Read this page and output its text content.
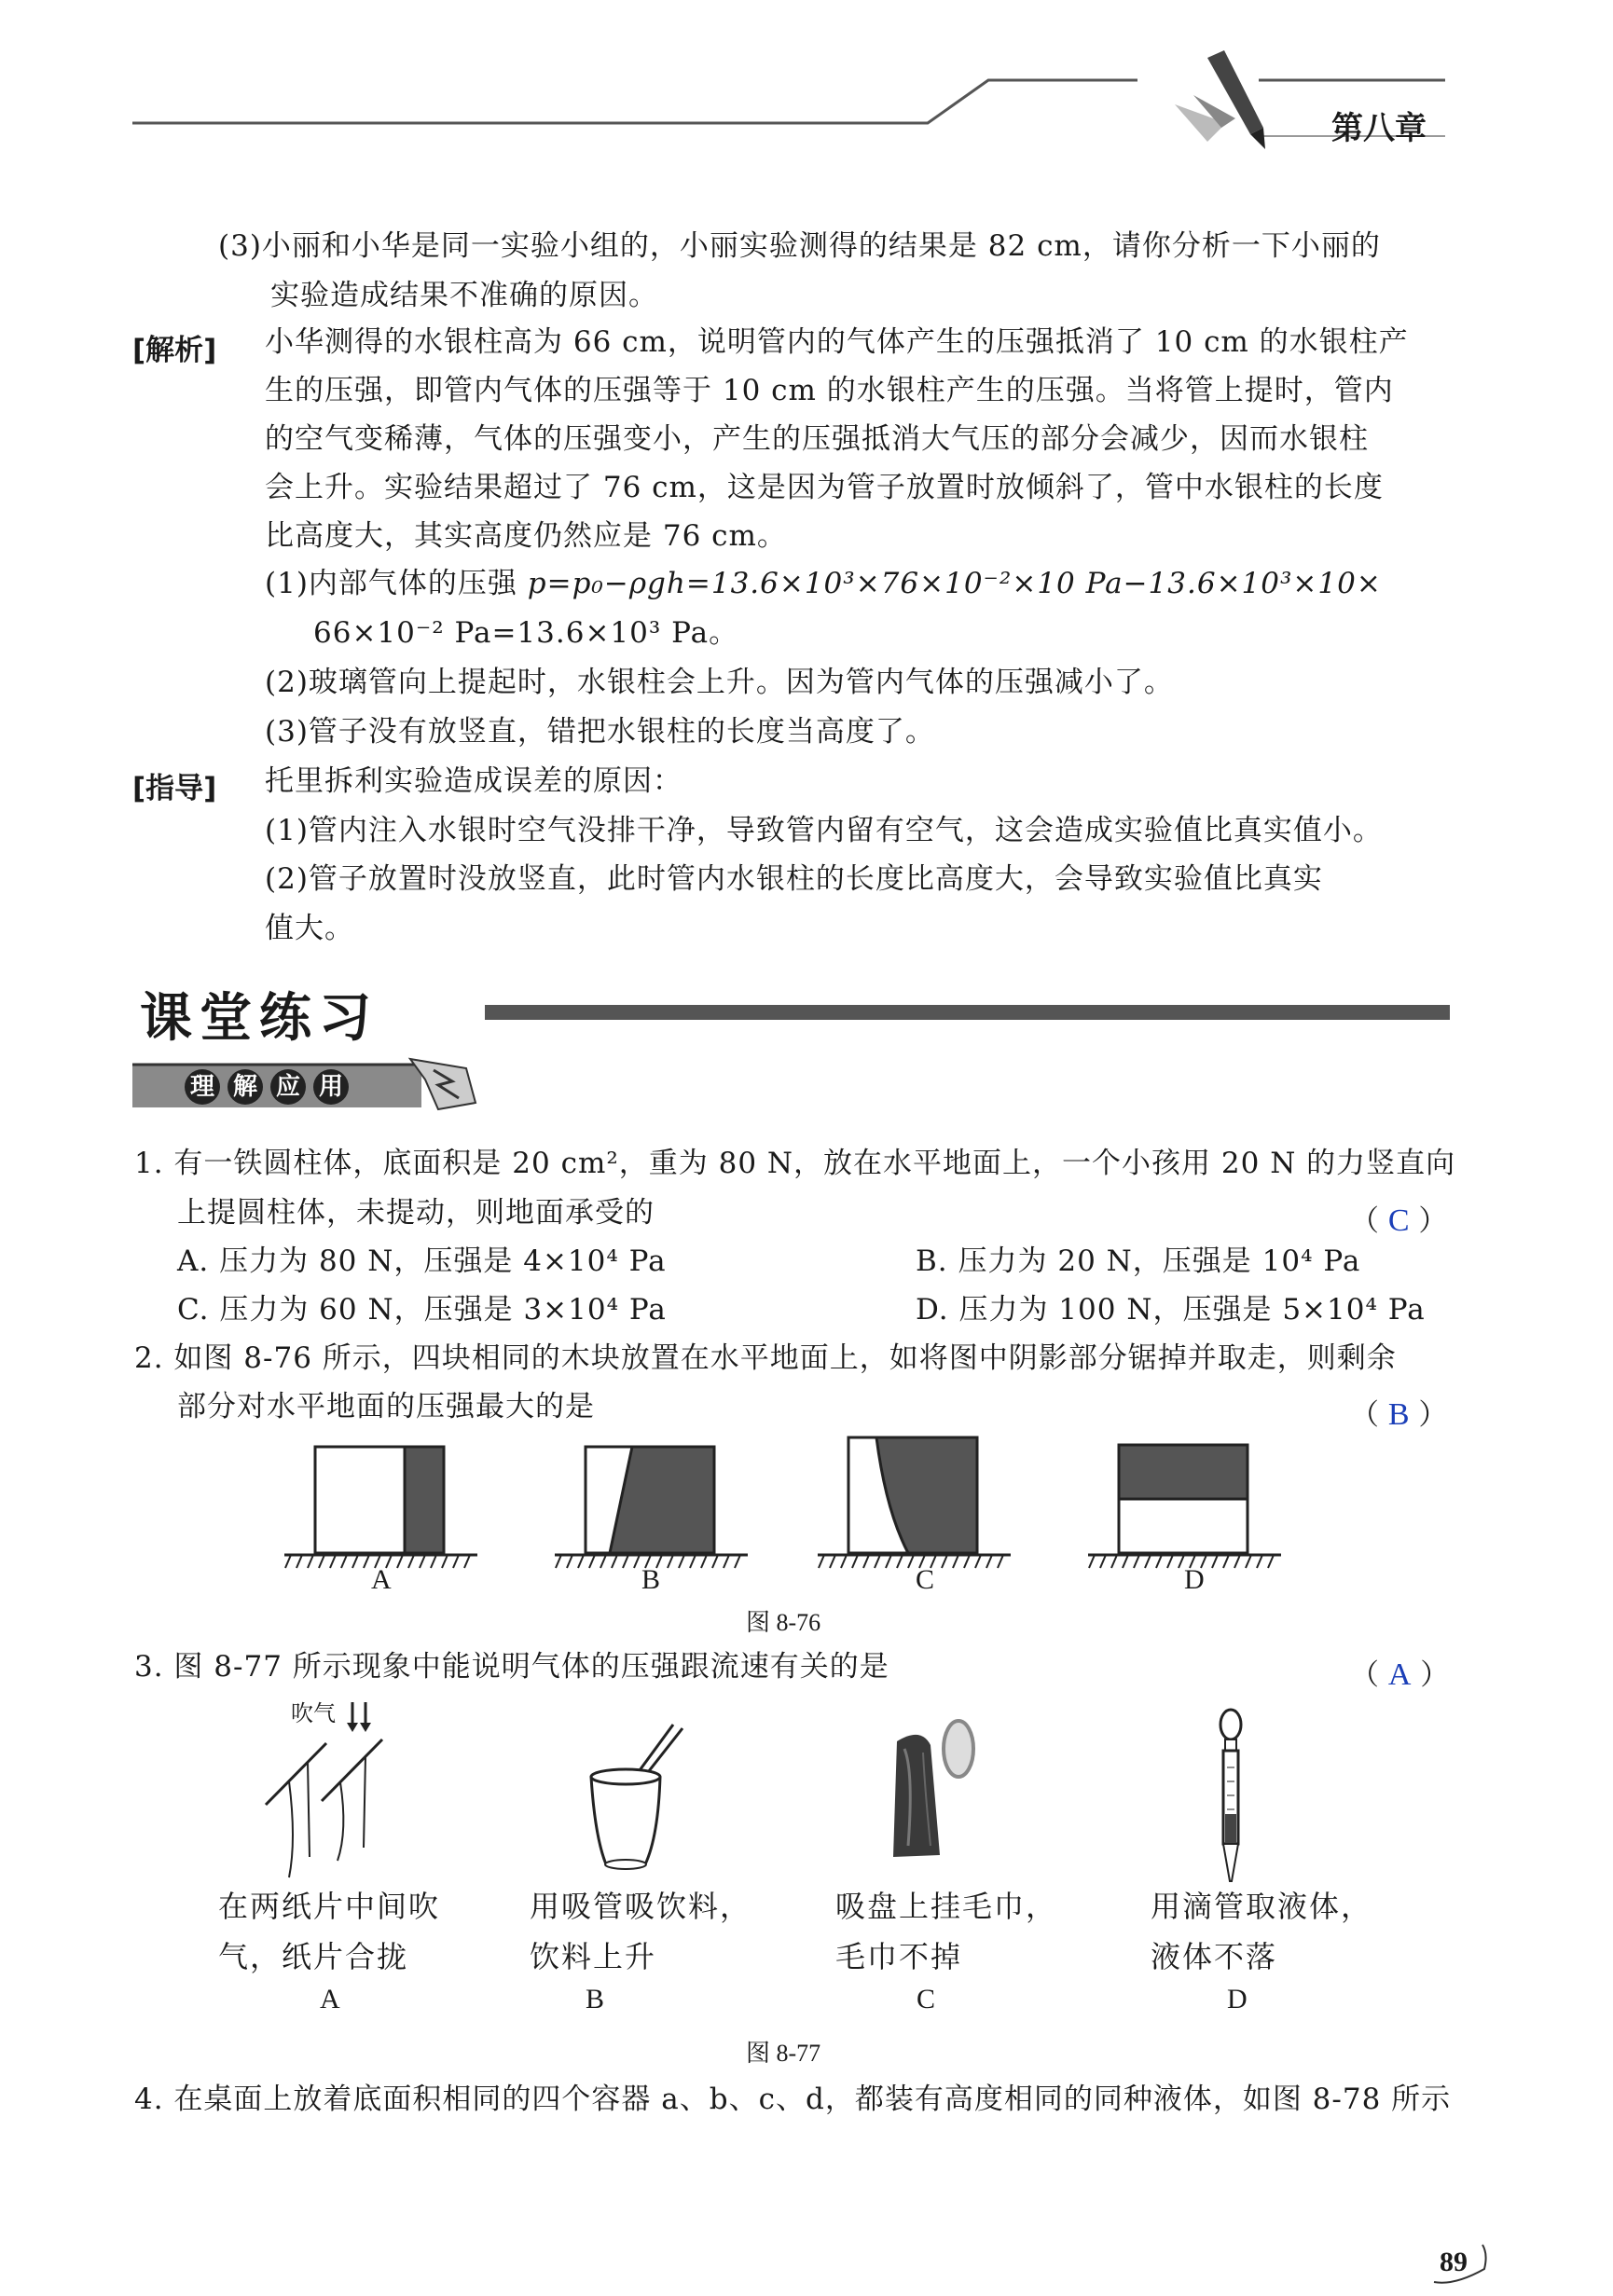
第八章
(3)小丽和小华是同一实验小组的，小丽实验测得的结果是 82 cm，请你分析一下小丽的
实验造成结果不准确的原因。
[解析] 小华测得的水银柱高为 66 cm，说明管内的气体产生的压强抵消了 10 cm 的水银柱产
生的压强，即管内气体的压强等于 10 cm 的水银柱产生的压强。当将管上提时，管内
的空气变稀薄，气体的压强变小，产生的压强抵消大气压的部分会减少，因而水银柱
会上升。实验结果超过了 76 cm，这是因为管子放置时放倾斜了，管中水银柱的长度
比高度大，其实高度仍然应是 76 cm。
(1)内部气体的压强 p=p₀−ρgh=13.6×10³×76×10⁻²×10 Pa−13.6×10³×10×
66×10⁻² Pa=13.6×10³ Pa。
(2)玻璃管向上提起时，水银柱会上升。因为管内气体的压强减小了。
(3)管子没有放竖直，错把水银柱的长度当高度了。
[指导] 托里拆利实验造成误差的原因：
(1)管内注入水银时空气没排干净，导致管内留有空气，这会造成实验值比真实值小。
(2)管子放置时没放竖直，此时管内水银柱的长度比高度大，会导致实验值比真实
值大。
课堂练习
理 解 应 用
1. 有一铁圆柱体，底面积是 20 cm²，重为 80 N，放在水平地面上，一个小孩用 20 N 的力竖直向
上提圆柱体，未提动，则地面承受的	（ C ）
A. 压力为 80 N，压强是 4×10⁴ Pa	B. 压力为 20 N，压强是 10⁴ Pa
C. 压力为 60 N，压强是 3×10⁴ Pa	D. 压力为 100 N，压强是 5×10⁴ Pa
2. 如图 8-76 所示，四块相同的木块放置在水平地面上，如将图中阴影部分锯掉并取走，则剩余
部分对水平地面的压强最大的是	（ B ）
A	B	C	D
图 8-76
3. 图 8-77 所示现象中能说明气体的压强跟流速有关的是	（ A ）
吹气
在两纸片中间吹
气，纸片合拢
用吸管吸饮料，
饮料上升
吸盘上挂毛巾，
毛巾不掉
用滴管取液体，
液体不落
A	B	C	D
图 8-77
4. 在桌面上放着底面积相同的四个容器 a、b、c、d，都装有高度相同的同种液体，如图 8-78 所示
89
